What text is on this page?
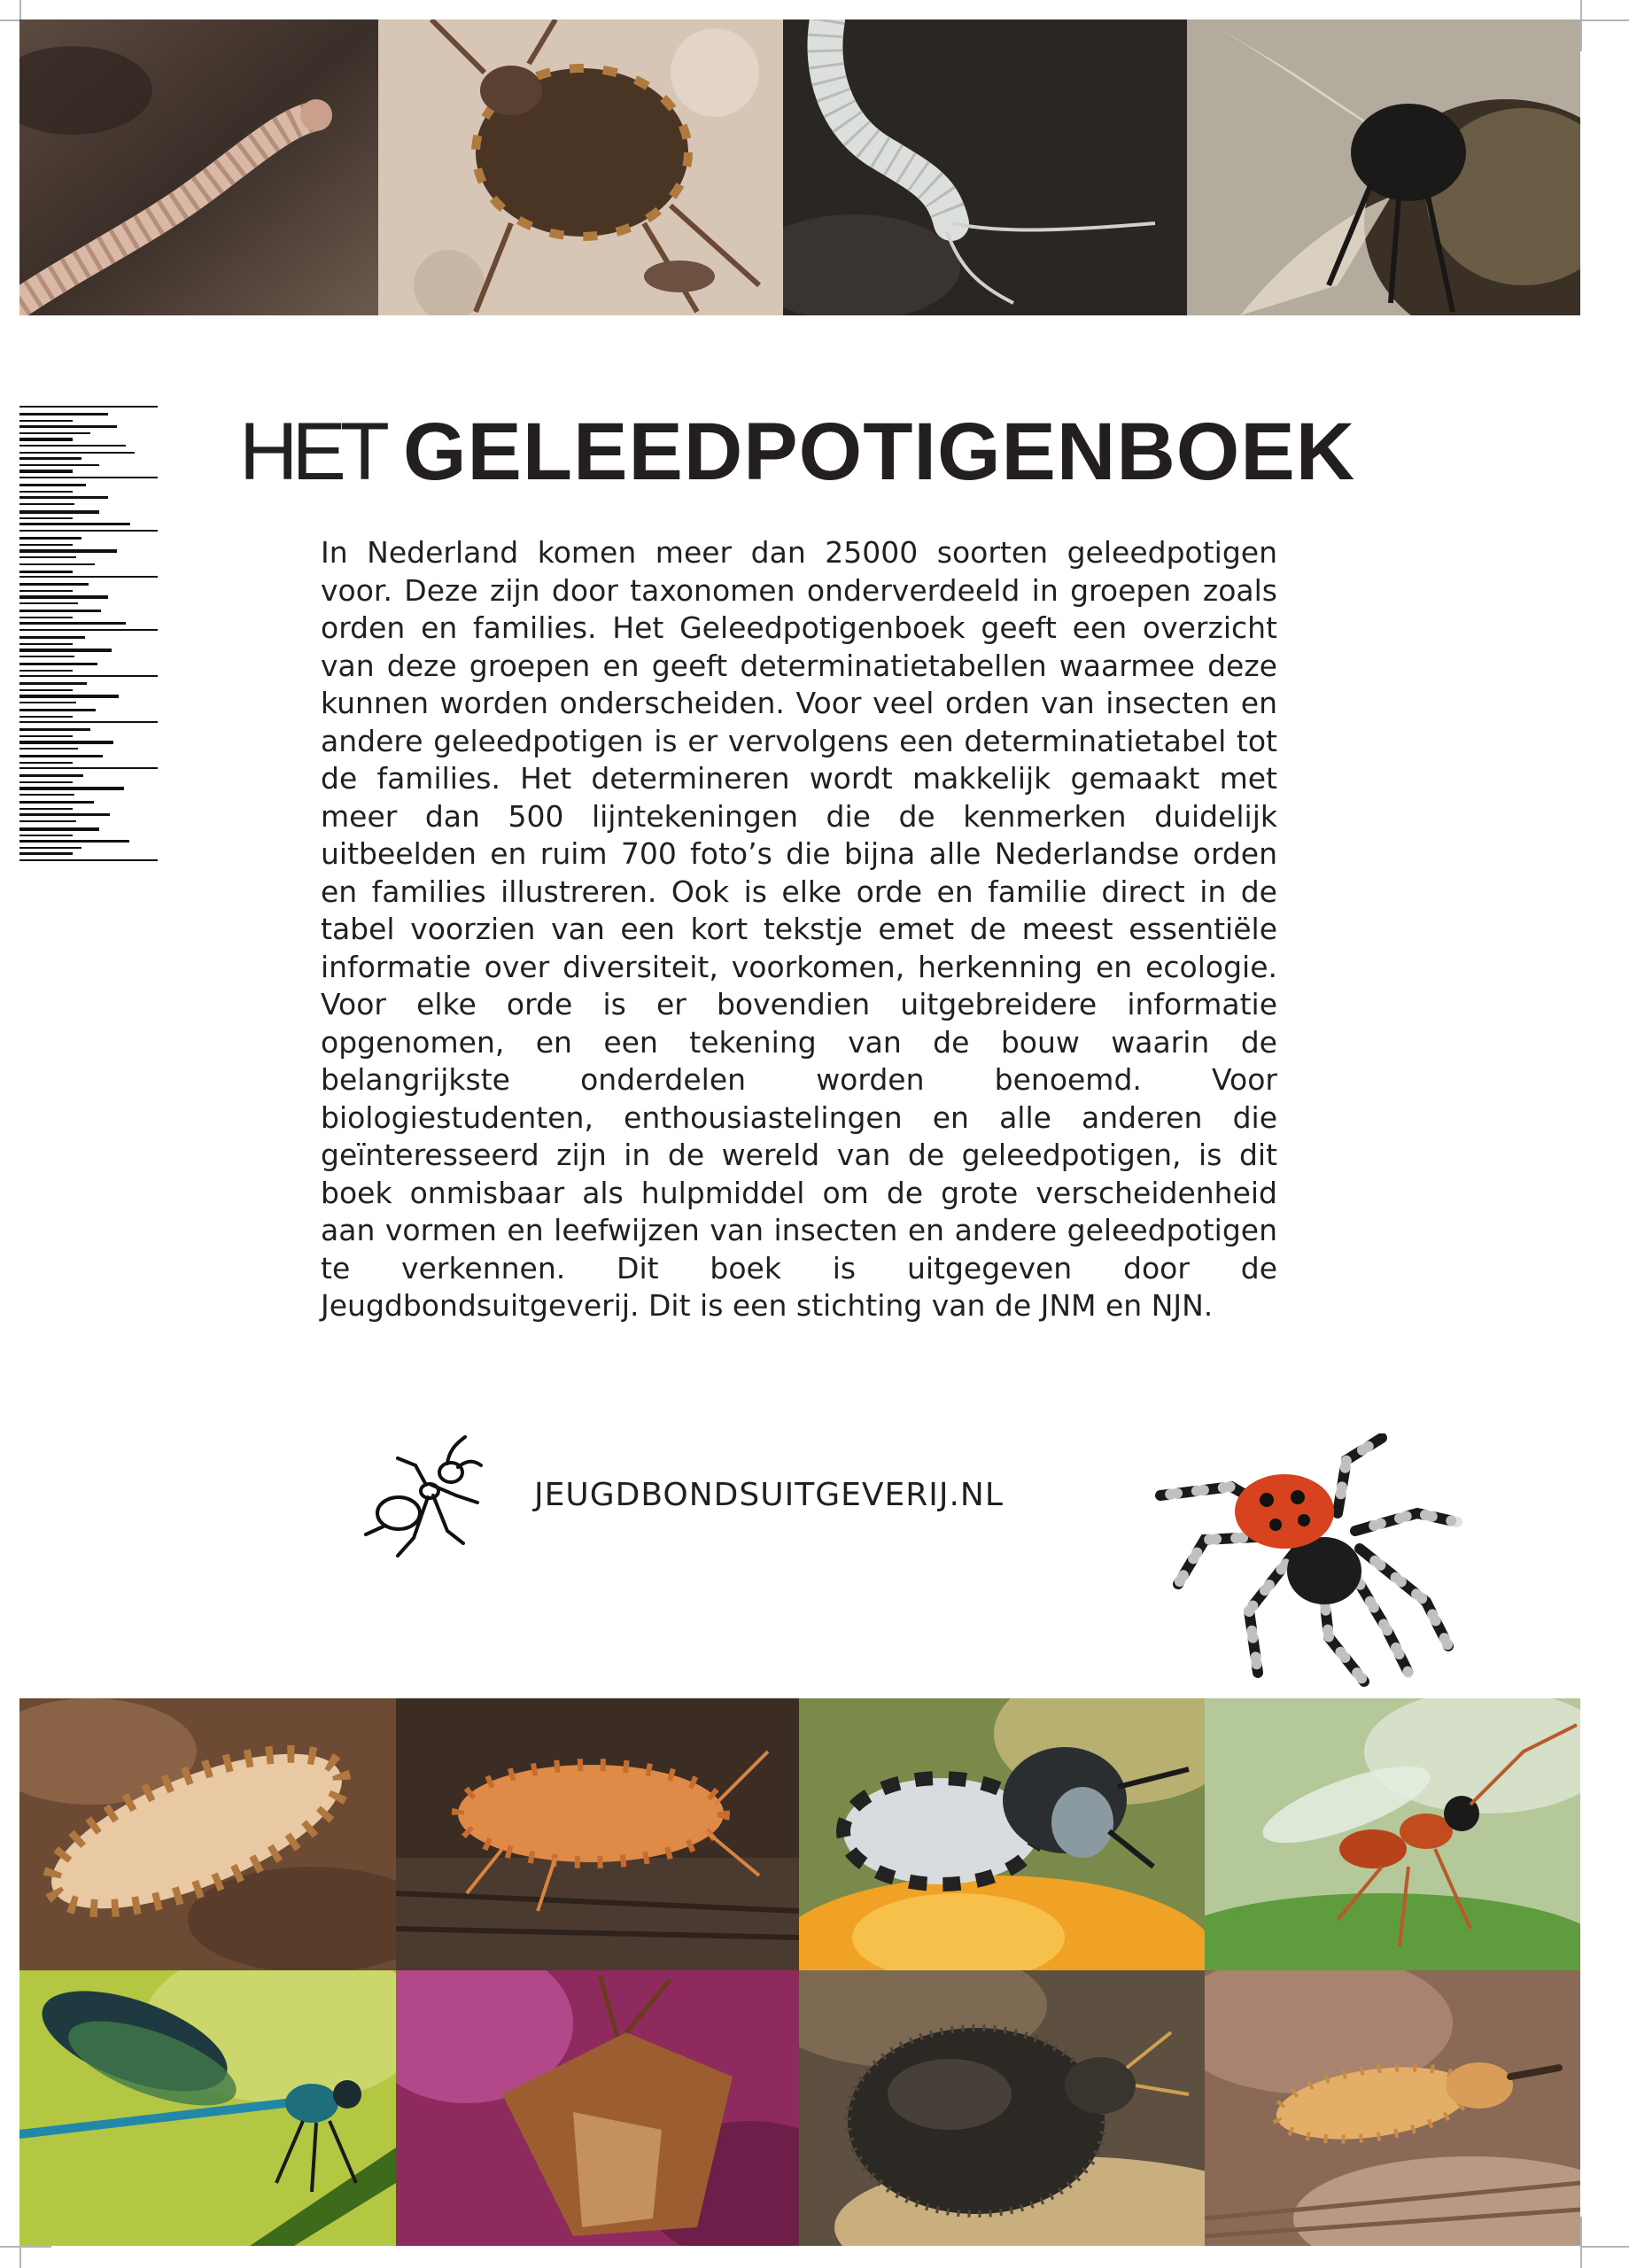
HET GELEEDPOTIGENBOEK

In Nederland komen meer dan 25000 soorten geleedpotigen voor. Deze zijn door taxonomen onderverdeeld in groepen zoals orden en families. Het Geleedpotigenboek geeft een overzicht van deze groepen en geeft determinatietabellen waarmee deze kunnen worden onderscheiden. Voor veel orden van insecten en andere geleedpotigen is er vervolgens een determinatietabel tot de families. Het determineren wordt makkelijk gemaakt met meer dan 500 lijntekeningen die de kenmerken duidelijk uitbeelden en ruim 700 foto’s die bijna alle Nederlandse orden en families illustreren. Ook is elke orde en familie direct in de tabel voorzien van een kort tekstje emet de meest essentiële informatie over diversiteit, voorkomen, herkenning en ecologie. Voor elke orde is er bovendien uitgebreidere informatie opgenomen, en een tekening van de bouw waarin de belangrijkste onderdelen worden benoemd. Voor biologiestudenten, enthousiastelingen en alle anderen die geïnteresseerd zijn in de wereld van de geleedpotigen, is dit boek onmisbaar als hulpmiddel om de grote verscheidenheid aan vormen en leefwijzen van insecten en andere geleedpotigen te verkennen. Dit boek is uitgegeven door de Jeugdbondsuitgeverij. Dit is een stichting van de JNM en NJN.

JEUGDBONDSUITGEVERIJ.NL
